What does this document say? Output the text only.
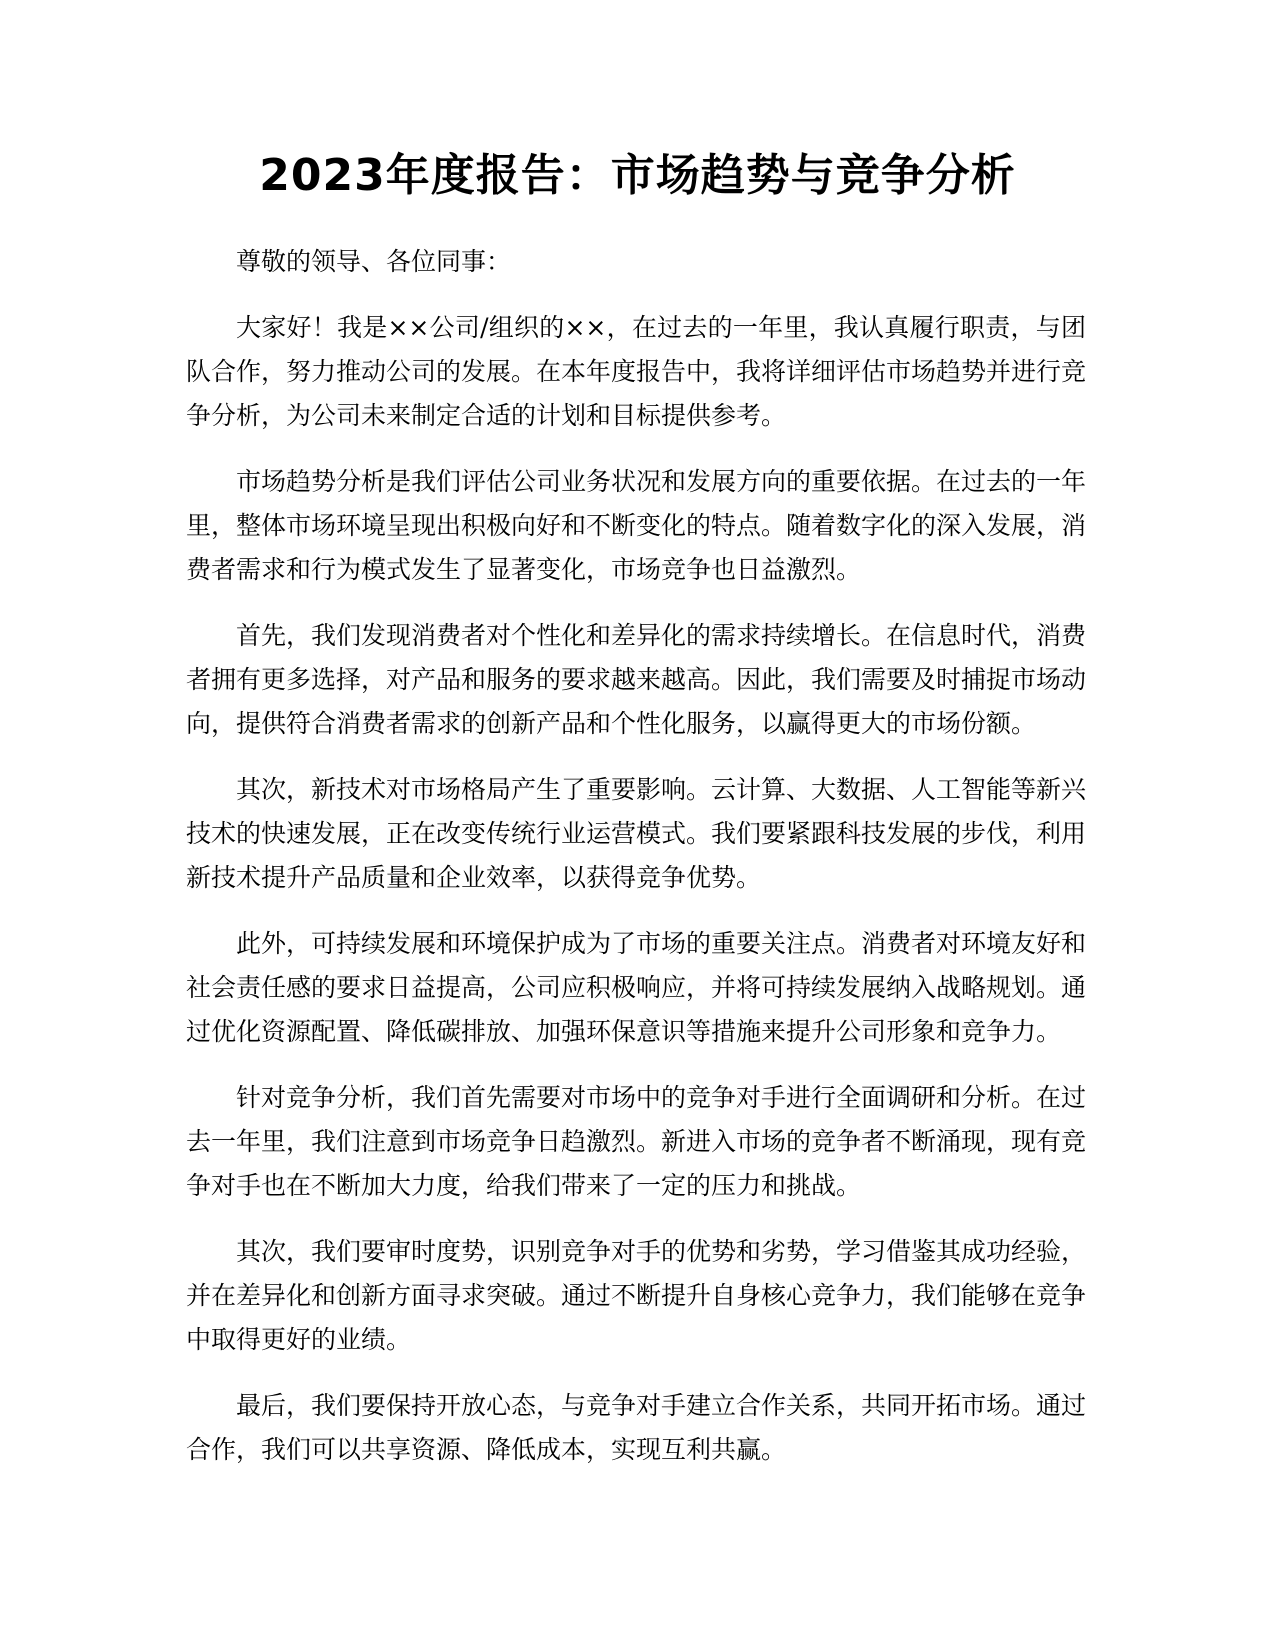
2023年度报告：市场趋势与竞争分析

尊敬的领导、各位同事：

大家好！我是××公司/组织的××，在过去的一年里，我认真履行职责，与团队合作，努力推动公司的发展。在本年度报告中，我将详细评估市场趋势并进行竞争分析，为公司未来制定合适的计划和目标提供参考。

市场趋势分析是我们评估公司业务状况和发展方向的重要依据。在过去的一年里，整体市场环境呈现出积极向好和不断变化的特点。随着数字化的深入发展，消费者需求和行为模式发生了显著变化，市场竞争也日益激烈。

首先，我们发现消费者对个性化和差异化的需求持续增长。在信息时代，消费者拥有更多选择，对产品和服务的要求越来越高。因此，我们需要及时捕捉市场动向，提供符合消费者需求的创新产品和个性化服务，以赢得更大的市场份额。

其次，新技术对市场格局产生了重要影响。云计算、大数据、人工智能等新兴技术的快速发展，正在改变传统行业运营模式。我们要紧跟科技发展的步伐，利用新技术提升产品质量和企业效率，以获得竞争优势。

此外，可持续发展和环境保护成为了市场的重要关注点。消费者对环境友好和社会责任感的要求日益提高，公司应积极响应，并将可持续发展纳入战略规划。通过优化资源配置、降低碳排放、加强环保意识等措施来提升公司形象和竞争力。

针对竞争分析，我们首先需要对市场中的竞争对手进行全面调研和分析。在过去一年里，我们注意到市场竞争日趋激烈。新进入市场的竞争者不断涌现，现有竞争对手也在不断加大力度，给我们带来了一定的压力和挑战。

其次，我们要审时度势，识别竞争对手的优势和劣势，学习借鉴其成功经验，并在差异化和创新方面寻求突破。通过不断提升自身核心竞争力，我们能够在竞争中取得更好的业绩。

最后，我们要保持开放心态，与竞争对手建立合作关系，共同开拓市场。通过合作，我们可以共享资源、降低成本，实现互利共赢。
